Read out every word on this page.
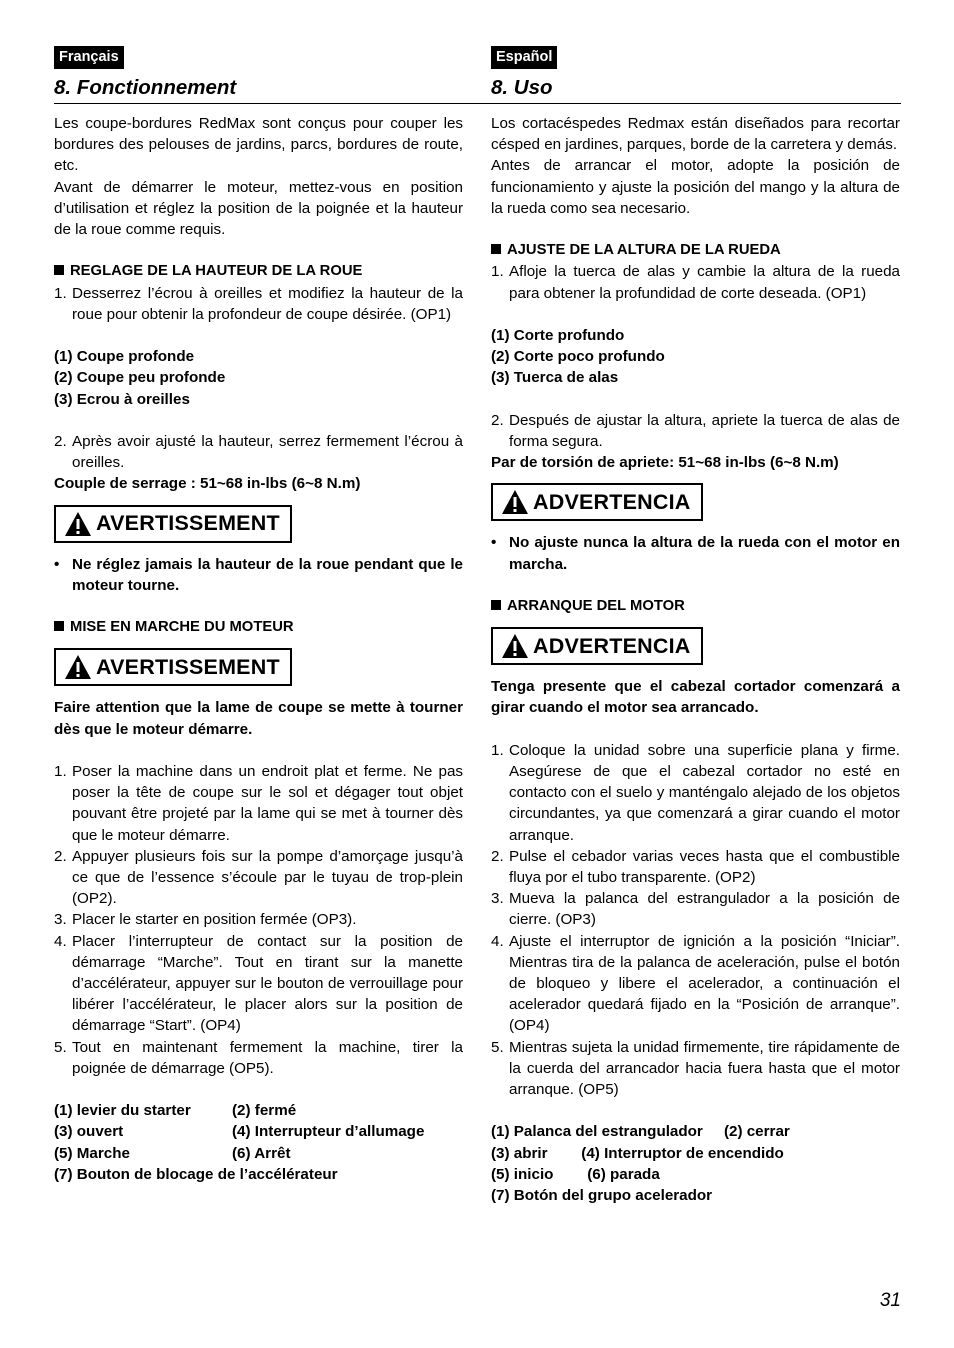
Français
8. Fonctionnement
Español
8. Uso

Les coupe-bordures RedMax sont conçus pour couper les bordures des pelouses de jardins, parcs, bordures de route, etc.

Avant de démarrer le moteur, mettez-vous en position d’utilisation et réglez la position de la poignée et la hauteur de la roue comme requis.

REGLAGE DE LA HAUTEUR DE LA ROUE
1. Desserrez l’écrou à oreilles et modifiez la hauteur de la roue pour obtenir la profondeur de coupe désirée. (OP1)
(1) Coupe profonde
(2) Coupe peu profonde
(3) Ecrou à oreilles
2. Après avoir ajusté la hauteur, serrez fermement l’écrou à oreilles.
Couple de serrage : 51~68 in-lbs (6~8 N.m)
AVERTISSEMENT
• Ne réglez jamais la hauteur de la roue pendant que le moteur tourne.
MISE EN MARCHE DU MOTEUR
AVERTISSEMENT

Faire attention que la lame de coupe se mette à tourner dès que le moteur démarre.

1. Poser la machine dans un endroit plat et ferme. Ne pas poser la tête de coupe sur le sol et dégager tout objet pouvant être projeté par la lame qui se met à tourner dès que le moteur démarre.
2. Appuyer plusieurs fois sur la pompe d’amorçage jusqu’à ce que de l’essence s’écoule par le tuyau de trop-plein (OP2).
3. Placer le starter en position fermée (OP3).
4. Placer l’interrupteur de contact sur la position de démarrage “Marche”. Tout en tirant sur la manette d’accélérateur, appuyer sur le bouton de verrouillage pour libérer l’accélérateur, le placer alors sur la position de démarrage “Start”. (OP4)
5. Tout en maintenant fermement la machine, tirer la poignée de démarrage (OP5).
(1) levier du starter	(2) fermé
(3) ouvert	(4) Interrupteur d’allumage
(5) Marche	(6) Arrêt
(7) Bouton de blocage de l’accélérateur

Los cortacéspedes Redmax están diseñados para recortar césped en jardines, parques, borde de la carretera y demás.

Antes de arrancar el motor, adopte la posición de funcionamiento y ajuste la posición del mango y la altura de la rueda como sea necesario.

AJUSTE DE LA ALTURA DE LA RUEDA
1. Afloje la tuerca de alas y cambie la altura de la rueda para obtener la profundidad de corte deseada. (OP1)
(1) Corte profundo
(2) Corte poco profundo
(3) Tuerca de alas
2. Después de ajustar la altura, apriete la tuerca de alas de forma segura.
Par de torsión de apriete: 51~68 in-lbs (6~8 N.m)
ADVERTENCIA
• No ajuste nunca la altura de la rueda con el motor en marcha.
ARRANQUE DEL MOTOR
ADVERTENCIA

Tenga presente que el cabezal cortador comenzará a girar cuando el motor sea arrancado.

1. Coloque la unidad sobre una superficie plana y firme. Asegúrese de que el cabezal cortador no esté en contacto con el suelo y manténgalo alejado de los objetos circundantes, ya que comenzará a girar cuando el motor arranque.
2. Pulse el cebador varias veces hasta que el combustible fluya por el tubo transparente. (OP2)
3. Mueva la palanca del estrangulador a la posición de cierre. (OP3)
4. Ajuste el interruptor de ignición a la posición “Iniciar”. Mientras tira de la palanca de aceleración, pulse el botón de bloqueo y libere el acelerador, a continuación el acelerador quedará fijado en la “Posición de arranque”. (OP4)
5. Mientras sujeta la unidad firmemente, tire rápidamente de la cuerda del arrancador hacia fuera hasta que el motor arranque. (OP5)
(1) Palanca del estrangulador     (2) cerrar
(3) abrir        (4) Interruptor de encendido
(5) inicio        (6) parada
(7) Botón del grupo acelerador
31
